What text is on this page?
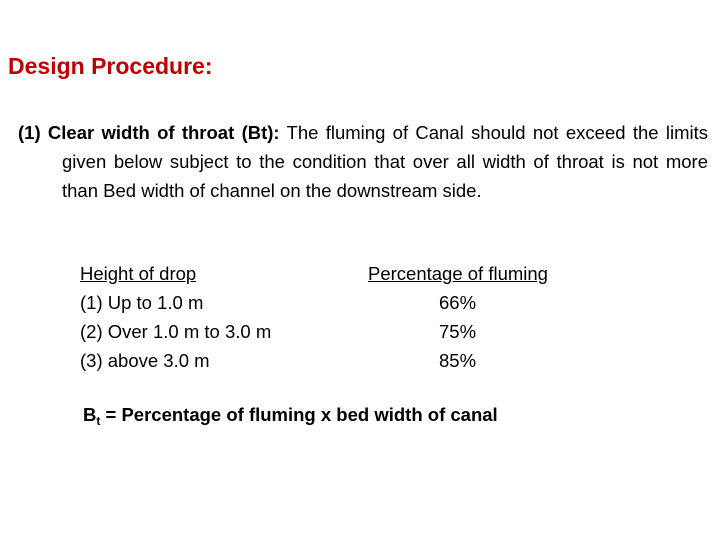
Design Procedure:
(1) Clear width of throat (Bt): The fluming of Canal should not exceed the limits given below subject to the condition that over all width of throat is not more than Bed width of channel on the downstream side.
Height of drop
(1) Up to 1.0 m
(2) Over 1.0 m to 3.0 m
(3) above 3.0 m
Percentage of fluming
66%
75%
85%
$B_t$ = Percentage of fluming x bed width of canal
